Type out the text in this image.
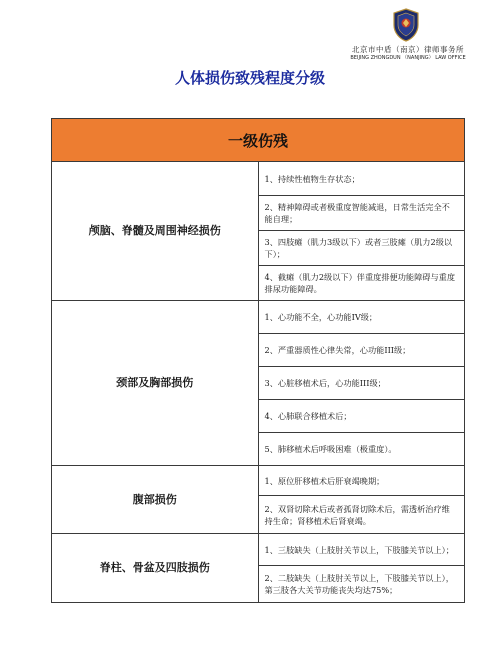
北京市中盾（南京）律师事务所
BEIJING ZHONGDUN （NANJING） LAW OFFICE
人体损伤致残程度分级
一级伤残	
颅脑、脊髓及周围神经损伤	1、持续性植物生存状态；
	2、精神障碍或者极重度智能减退，日常生活完全不能自理；
	3、四肢瘫（肌力3级以下）或者三肢瘫（肌力2级以下）；
	4、截瘫（肌力2级以下）伴重度排便功能障碍与重度排尿功能障碍。
颈部及胸部损伤	1、心功能不全，心功能IV级；
	2、严重器质性心律失常，心功能III级；
	3、心脏移植术后，心功能III级；
	4、心肺联合移植术后；
	5、肺移植术后呼吸困难（极重度）。
腹部损伤	1、原位肝移植术后肝衰竭晚期；
	2、双肾切除术后或者孤肾切除术后，需透析治疗维持生命；肾移植术后肾衰竭。
脊柱、骨盆及四肢损伤	1、三肢缺失（上肢肘关节以上，下肢膝关节以上）；
	2、二肢缺失（上肢肘关节以上，下肢膝关节以上），第三肢各大关节功能丧失均达75%；
